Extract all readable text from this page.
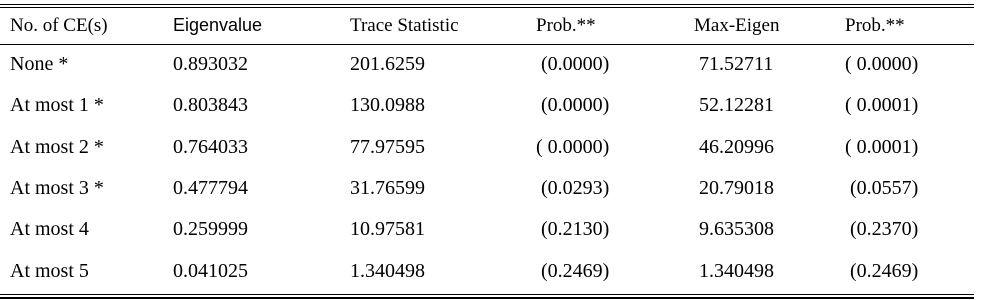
No. of CE(s)	Eigenvalue	Trace Statistic	Prob.**	Max-Eigen	Prob.**
None *	0.893032	201.6259	(0.0000)	71.52711	( 0.0000)
At most 1 *	0.803843	130.0988	(0.0000)	52.12281	( 0.0001)
At most 2 *	0.764033	77.97595	( 0.0000)	46.20996	( 0.0001)
At most 3 *	0.477794	31.76599	(0.0293)	20.79018	(0.0557)
At most 4	0.259999	10.97581	(0.2130)	9.635308	(0.2370)
At most 5	0.041025	1.340498	(0.2469)	1.340498	(0.2469)
